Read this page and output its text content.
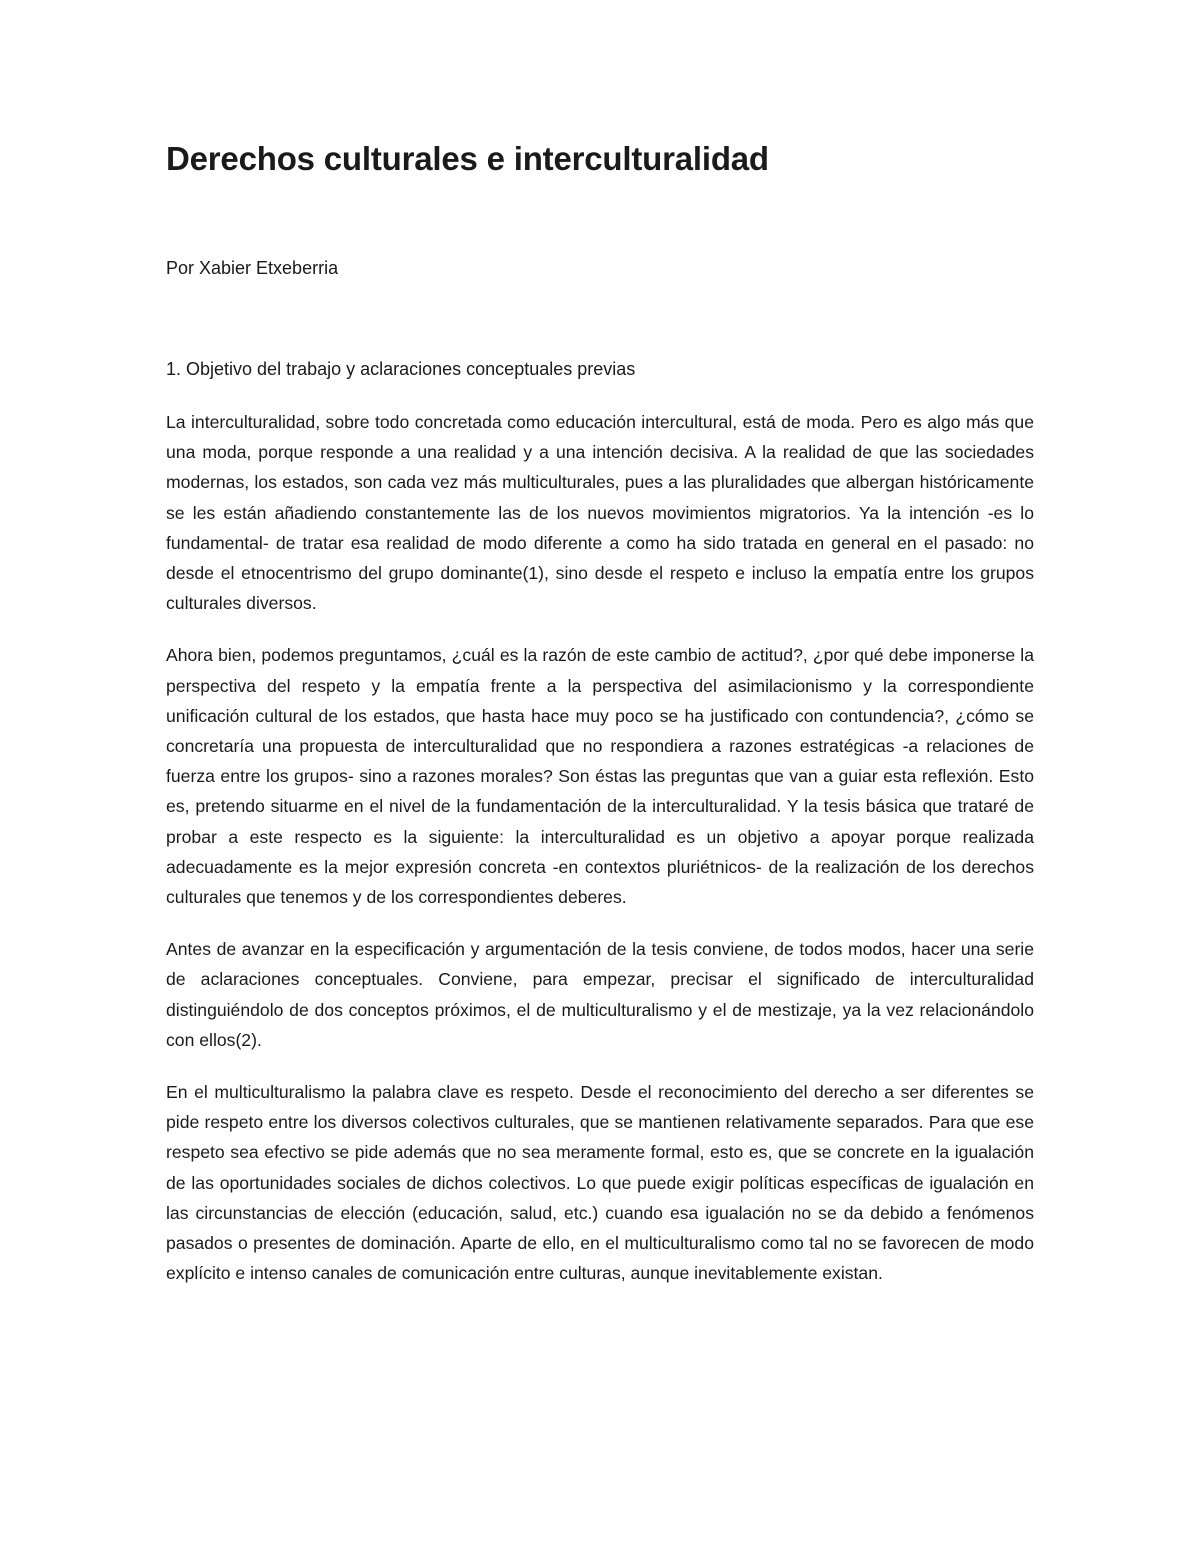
Derechos culturales e interculturalidad

Por Xabier Etxeberria

1. Objetivo del trabajo y aclaraciones conceptuales previas

La interculturalidad, sobre todo concretada como educación intercultural, está de moda. Pero es algo más que una moda, porque responde a una realidad y a una intención decisiva. A la realidad de que las sociedades modernas, los estados, son cada vez más multiculturales, pues a las pluralidades que albergan históricamente se les están añadiendo constantemente las de los nuevos movimientos migratorios. Ya la intención -es lo fundamental- de tratar esa realidad de modo diferente a como ha sido tratada en general en el pasado: no desde el etnocentrismo del grupo dominante(1), sino desde el respeto e incluso la empatía entre los grupos culturales diversos.

Ahora bien, podemos preguntamos, ¿cuál es la razón de este cambio de actitud?, ¿por qué debe imponerse la perspectiva del respeto y la empatía frente a la perspectiva del asimilacionismo y la correspondiente unificación cultural de los estados, que hasta hace muy poco se ha justificado con contundencia?, ¿cómo se concretaría una propuesta de interculturalidad que no respondiera a razones estratégicas -a relaciones de fuerza entre los grupos- sino a razones morales? Son éstas las preguntas que van a guiar esta reflexión. Esto es, pretendo situarme en el nivel de la fundamentación de la interculturalidad. Y la tesis básica que trataré de probar a este respecto es la siguiente: la interculturalidad es un objetivo a apoyar porque realizada adecuadamente es la mejor expresión concreta -en contextos pluriétnicos- de la realización de los derechos culturales que tenemos y de los correspondientes deberes.

Antes de avanzar en la especificación y argumentación de la tesis conviene, de todos modos, hacer una serie de aclaraciones conceptuales. Conviene, para empezar, precisar el significado de interculturalidad distinguiéndolo de dos conceptos próximos, el de multiculturalismo y el de mestizaje, ya la vez relacionándolo con ellos(2).

En el multiculturalismo la palabra clave es respeto. Desde el reconocimiento del derecho a ser diferentes se pide respeto entre los diversos colectivos culturales, que se mantienen relativamente separados. Para que ese respeto sea efectivo se pide además que no sea meramente formal, esto es, que se concrete en la igualación de las oportunidades sociales de dichos colectivos. Lo que puede exigir políticas específicas de igualación en las circunstancias de elección (educación, salud, etc.) cuando esa igualación no se da debido a fenómenos pasados o presentes de dominación. Aparte de ello, en el multiculturalismo como tal no se favorecen de modo explícito e intenso canales de comunicación entre culturas, aunque inevitablemente existan.
